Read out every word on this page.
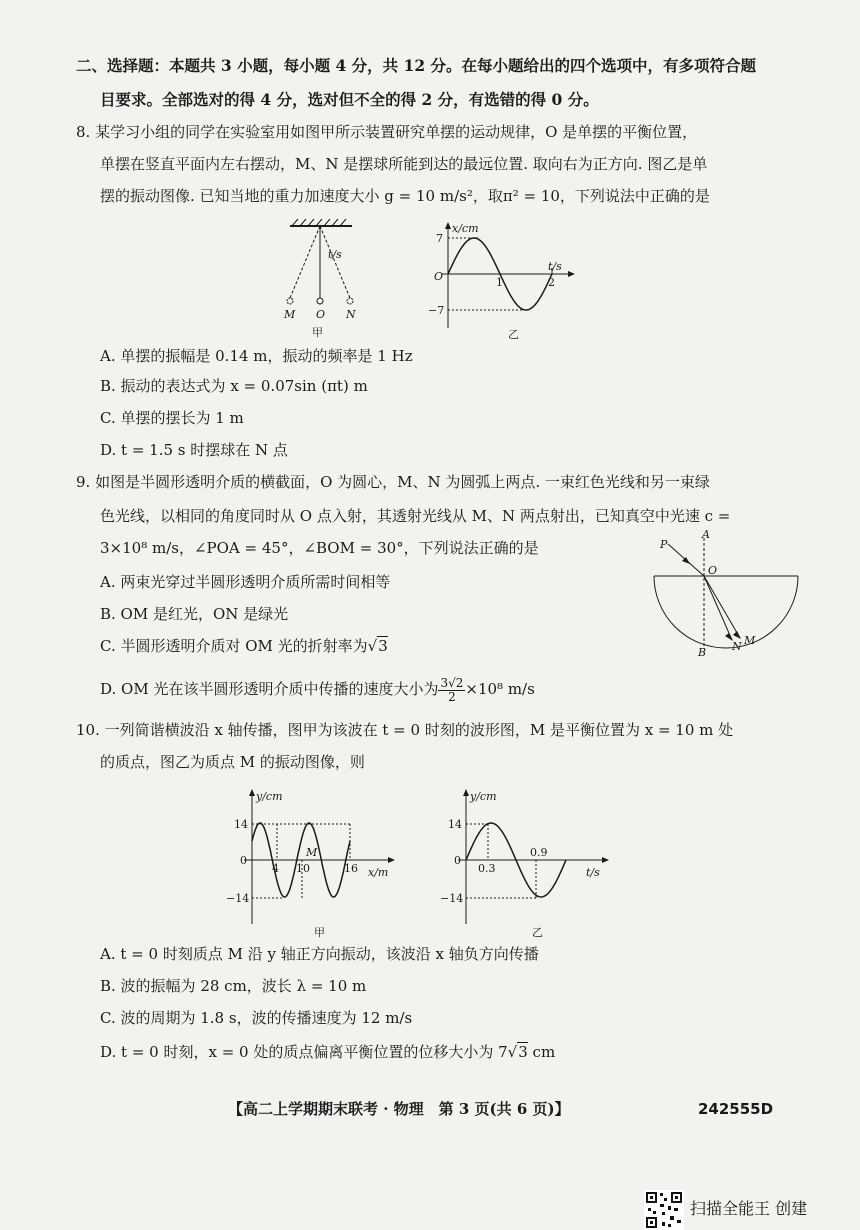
二、选择题：本题共 3 小题，每小题 4 分，共 12 分。在每小题给出的四个选项中，有多项符合题
目要求。全部选对的得 4 分，选对但不全的得 2 分，有选错的得 0 分。
8. 某学习小组的同学在实验室用如图甲所示装置研究单摆的运动规律，O 是单摆的平衡位置，
单摆在竖直平面内左右摆动，M、N 是摆球所能到达的最远位置. 取向右为正方向. 图乙是单
摆的振动图像. 已知当地的重力加速度大小 g = 10 m/s²，取π² = 10，下列说法中正确的是
t/s
M O N
甲
x/cm
t/s
7
−7
O	1	2
乙
A. 单摆的振幅是 0.14 m，振动的频率是 1 Hz
B. 振动的表达式为 x = 0.07sin (πt) m
C. 单摆的摆长为 1 m
D. t = 1.5 s 时摆球在 N 点
9. 如图是半圆形透明介质的横截面，O 为圆心，M、N 为圆弧上两点. 一束红色光线和另一束绿
色光线，以相同的角度同时从 O 点入射，其透射光线从 M、N 两点射出，已知真空中光速 c =
3×10⁸ m/s，∠POA = 45°，∠BOM = 30°，下列说法正确的是	P
A
O
B N M
A. 两束光穿过半圆形透明介质所需时间相等
B. OM 是红光，ON 是绿光
C. 半圆形透明介质对 OM 光的折射率为√3
D. OM 光在该半圆形透明介质中传播的速度大小为 $\frac{3√2}{2} \times 10^8$ m/s
10. 一列简谐横波沿 x 轴传播，图甲为该波在 t = 0 时刻的波形图，M 是平衡位置为 x = 10 m 处
的质点，图乙为质点 M 的振动图像，则
y/cm
x/m
14
−14
0
4 10	16
M
甲
y/cm
t/s
14
−14
0
0.3
0.9
乙
A. t = 0 时刻质点 M 沿 y 轴正方向振动，该波沿 x 轴负方向传播
B. 波的振幅为 28 cm，波长 λ = 10 m
C. 波的周期为 1.8 s，波的传播速度为 12 m/s
D. t = 0 时刻，x = 0 处的质点偏离平衡位置的位移大小为 7√3 cm
【高二上学期期末联考 · 物理　第 3 页(共 6 页)】	242555D
扫描全能王 创建
